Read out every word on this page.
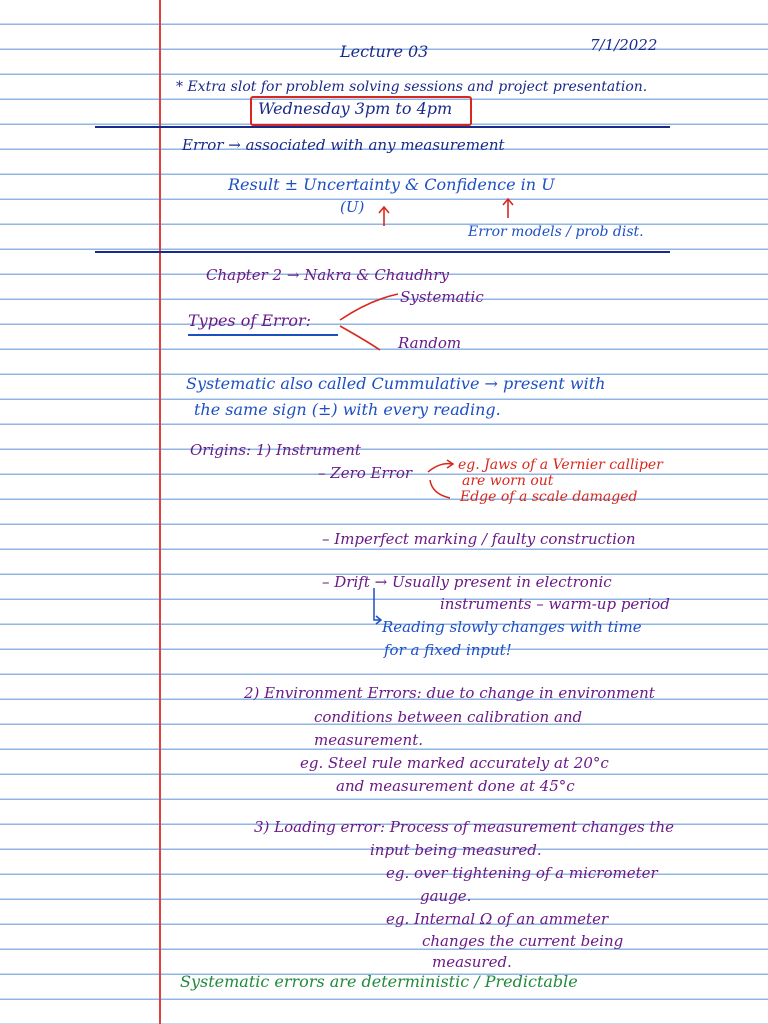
Lecture 03	7/1/2022
* Extra slot for problem solving sessions and project presentation.
Wednesday 3pm to 4pm
Error → associated with any measurement
Result ± Uncertainty & Confidence in U
(U)
Error models / prob dist.
Chapter 2 → Nakra & Chaudhry
Systematic
Types of Error:
Random
Systematic also called Cummulative → present with
the same sign (±) with every reading.
Origins: 1) Instrument
– Zero Error	eg. Jaws of a Vernier calliper
are worn out
Edge of a scale damaged
– Imperfect marking / faulty construction
– Drift → Usually present in electronic
instruments – warm-up period
Reading slowly changes with time
for a fixed input!
2) Environment Errors: due to change in environment
conditions between calibration and
measurement.
eg. Steel rule marked accurately at 20°c
and measurement done at 45°c
3) Loading error: Process of measurement changes the
input being measured.
eg. over tightening of a micrometer
gauge.
eg. Internal Ω of an ammeter
changes the current being
measured.
Systematic errors are deterministic / Predictable
